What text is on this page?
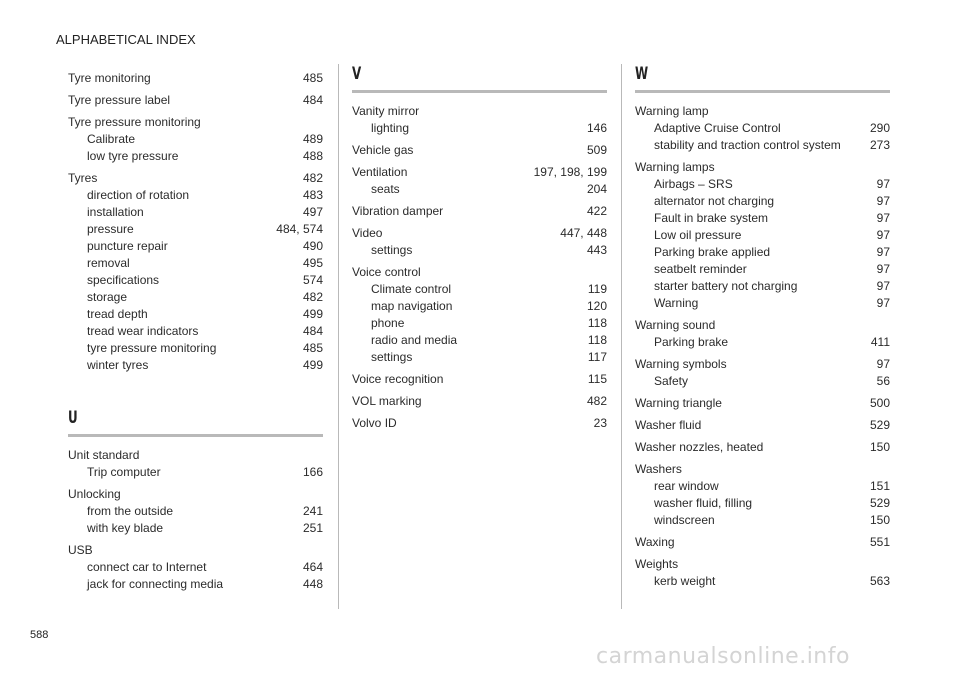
ALPHABETICAL INDEX
Tyre monitoring	485
Tyre pressure label	484
Tyre pressure monitoring
Calibrate	489
low tyre pressure	488
Tyres	482
direction of rotation	483
installation	497
pressure	484, 574
puncture repair	490
removal	495
specifications	574
storage	482
tread depth	499
tread wear indicators	484
tyre pressure monitoring	485
winter tyres	499
U
Unit standard
Trip computer	166
Unlocking
from the outside	241
with key blade	251
USB
connect car to Internet	464
jack for connecting media	448
V
Vanity mirror
lighting	146
Vehicle gas	509
Ventilation	197, 198, 199
seats	204
Vibration damper	422
Video	447, 448
settings	443
Voice control
Climate control	119
map navigation	120
phone	118
radio and media	118
settings	117
Voice recognition	115
VOL marking	482
Volvo ID	23
W
Warning lamp
Adaptive Cruise Control	290
stability and traction control system 273
Warning lamps
Airbags – SRS	97
alternator not charging	97
Fault in brake system	97
Low oil pressure	97
Parking brake applied	97
seatbelt reminder	97
starter battery not charging	97
Warning	97
Warning sound
Parking brake	411
Warning symbols	97
Safety	56
Warning triangle	500
Washer fluid	529
Washer nozzles, heated	150
Washers
rear window	151
washer fluid, filling	529
windscreen	150
Waxing	551
Weights
kerb weight	563
588
carmanualsonline.info
